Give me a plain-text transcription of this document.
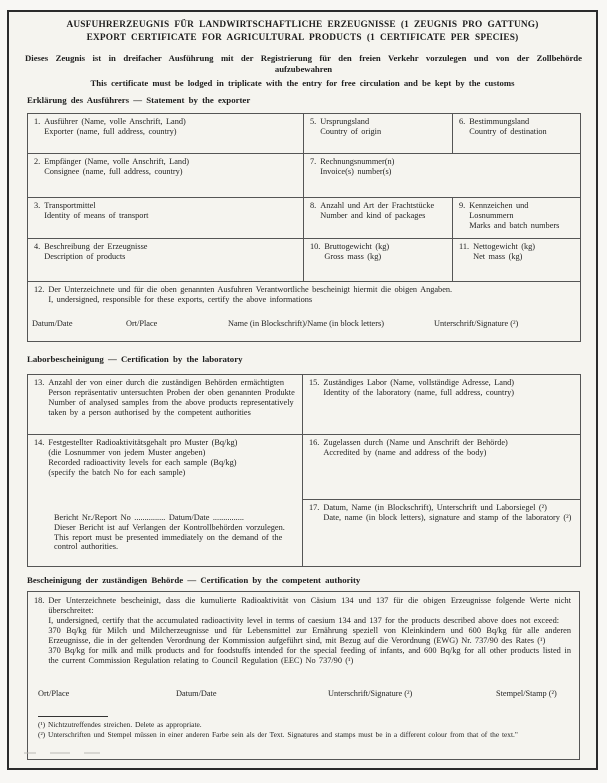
AUSFUHRERZEUGNIS FÜR LANDWIRTSCHAFTLICHE ERZEUGNISSE (1 ZEUGNIS PRO GATTUNG)
EXPORT CERTIFICATE FOR AGRICULTURAL PRODUCTS (1 CERTIFICATE PER SPECIES)
Dieses Zeugnis ist in dreifacher Ausführung mit der Registrierung für den freien Verkehr vorzulegen und von der Zollbehörde aufzubewahren
This certificate must be lodged in triplicate with the entry for free circulation and be kept by the customs
Erklärung des Ausführers — Statement by the exporter
1. Ausführer (Name, volle Anschrift, Land)
Exporter (name, full address, country)
5. Ursprungsland
Country of origin
6. Bestimmungsland
Country of destination
2. Empfänger (Name, volle Anschrift, Land)
Consignee (name, full address, country)
7. Rechnungsnummer(n)
Invoice(s) number(s)
3. Transportmittel
Identity of means of transport
8. Anzahl und Art der Frachtstücke
Number and kind of packages
9. Kennzeichen und Losnummern
Marks and batch numbers
4. Beschreibung der Erzeugnisse
Description of products
10. Bruttogewicht (kg)
Gross mass (kg)
11. Nettogewicht (kg)
Net mass (kg)
12. Der Unterzeichnete und für die oben genannten Ausfuhren Verantwortliche bescheinigt hiermit die obigen Angaben.
I, undersigned, responsible for these exports, certify the above informations
Datum/Date	Ort/Place	Name (in Blockschrift)/Name (in block letters)	Unterschrift/Signature (²)
Laborbescheinigung — Certification by the laboratory
13. Anzahl der von einer durch die zuständigen Behörden ermächtigten Person repräsentativ untersuchten Proben der oben genannten Produkte
Number of analysed samples from the above products representatively taken by a person authorised by the competent authorities
15. Zuständiges Labor (Name, vollständige Adresse, Land)
Identity of the laboratory (name, full address, country)
14. Festgestellter Radioaktivitätsgehalt pro Muster (Bq/kg)
(die Losnummer von jedem Muster angeben)
Recorded radioactivity levels for each sample (Bq/kg)
(specify the batch No for each sample)
Bericht Nr./Report No ............... Datum/Date ...............
Dieser Bericht ist auf Verlangen der Kontrollbehörden vorzulegen.
This report must be presented immediately on the demand of the control authorities.
16. Zugelassen durch (Name und Anschrift der Behörde)
Accredited by (name and address of the body)
17. Datum, Name (in Blockschrift), Unterschrift und Laborsiegel (²)
Date, name (in block letters), signature and stamp of the laboratory (²)
Bescheinigung der zuständigen Behörde — Certification by the competent authority
18. Der Unterzeichnete bescheinigt, dass die kumulierte Radioaktivität von Cäsium 134 und 137 für die obigen Erzeugnisse folgende Werte nicht überschreitet:
I, undersigned, certify that the accumulated radioactivity level in terms of caesium 134 and 137 for the products described above does not exceed:
370 Bq/kg für Milch und Milcherzeugnisse und für Lebensmittel zur Ernährung speziell von Kleinkindern und 600 Bq/kg für alle anderen Erzeugnisse, die in der geltenden Verordnung der Kommission aufgeführt sind, mit Bezug auf die Verordnung (EWG) Nr. 737/90 des Rates (¹)
370 Bq/kg for milk and milk products and for foodstuffs intended for the special feeding of infants, and 600 Bq/kg for all other products listed in the current Commission Regulation relating to Council Regulation (EEC) No 737/90 (¹)
Ort/Place	Datum/Date	Unterschrift/Signature (²)	Stempel/Stamp (²)
(¹) Nichtzutreffendes streichen. Delete as appropriate.
(²) Unterschriften und Stempel müssen in einer anderen Farbe sein als der Text. Signatures and stamps must be in a different colour from that of the text."
